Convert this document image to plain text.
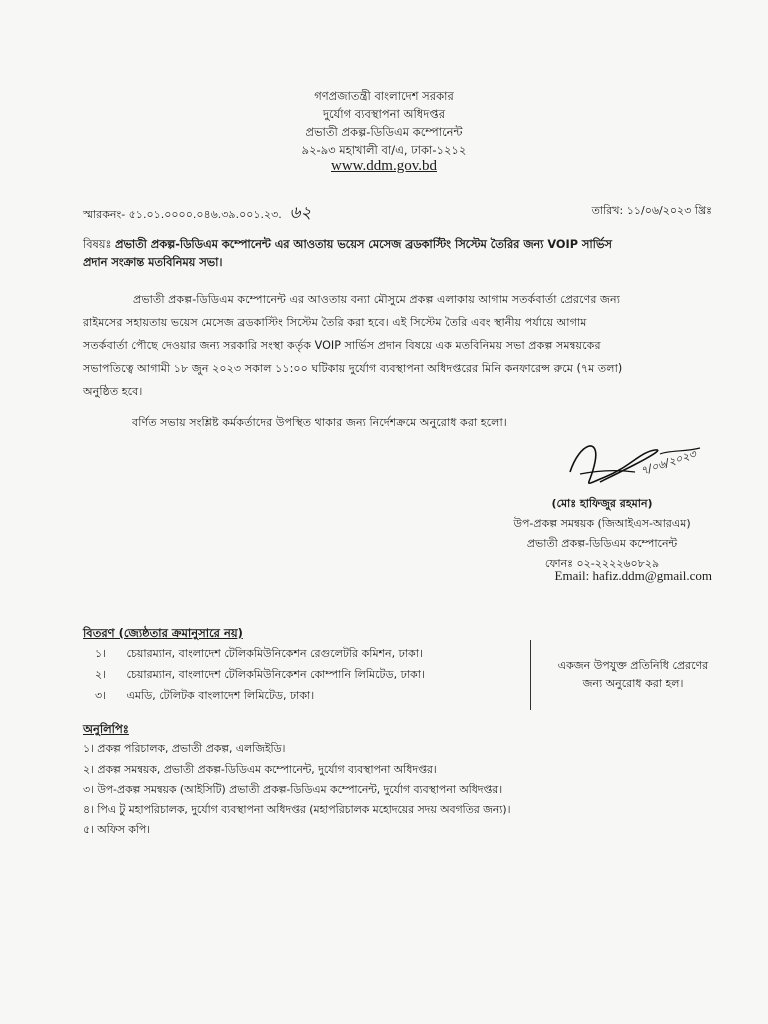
গণপ্রজাতন্ত্রী বাংলাদেশ সরকার
দুর্যোগ ব্যবস্থাপনা অধিদপ্তর
প্রভাতী প্রকল্প-ডিডিএম কম্পোনেন্ট
৯২-৯৩ মহাখালী বা/এ, ঢাকা-১২১২
www.ddm.gov.bd
স্মারকনং- ৫১.০১.০০০০.০৪৬.৩৯.০০১.২৩. ৬২	তারিখ: ১১/০৬/২০২৩ খ্রিঃ
বিষয়ঃ প্রভাতী প্রকল্প-ডিডিএম কম্পোনেন্ট এর আওতায় ভয়েস মেসেজ ব্রডকাস্টিং সিস্টেম তৈরির জন্য VOIP সার্ভিস
প্রদান সংক্রান্ত মতবিনিময় সভা।
প্রভাতী প্রকল্প-ডিডিএম কম্পোনেন্ট এর আওতায় বন্যা মৌসুমে প্রকল্প এলাকায় আগাম সতর্কবার্তা প্রেরণের জন্য
রাইমসের সহায়তায় ভয়েস মেসেজ ব্রডকাস্টিং সিস্টেম তৈরি করা হবে। এই সিস্টেম তৈরি এবং স্থানীয় পর্যায়ে আগাম
সতর্কবার্তা পৌছে দেওয়ার জন্য সরকারি সংস্থা কর্তৃক VOIP সার্ভিস প্রদান বিষয়ে এক মতবিনিময় সভা প্রকল্প সমন্বয়কের
সভাপতিত্বে আগামী ১৮ জুন ২০২৩ সকাল ১১:০০ ঘটিকায় দুর্যোগ ব্যবস্থাপনা অধিদপ্তরের মিনি কনফারেন্স রুমে (৭ম তলা)
অনুষ্ঠিত হবে।
বর্ণিত সভায় সংশ্লিষ্ট কর্মকর্তাদের উপস্থিত থাকার জন্য নির্দেশক্রমে অনুরোধ করা হলো।
৭/০৬/২০২৩
(মোঃ হাফিজুর রহমান)
উপ-প্রকল্প সমন্বয়ক (জিআইএস-আরএম)
প্রভাতী প্রকল্প-ডিডিএম কম্পোনেন্ট
ফোনঃ ০২-২২২২৬০৮২৯
Email: hafiz.ddm@gmail.com
বিতরণ (জ্যেষ্ঠতার ক্রমানুসারে নয়)
১। চেয়ারম্যান, বাংলাদেশ টেলিকমিউনিকেশন রেগুলেটরি কমিশন, ঢাকা।
২। চেয়ারম্যান, বাংলাদেশ টেলিকমিউনিকেশন কোম্পানি লিমিটেড, ঢাকা।
৩। এমডি, টেলিটক বাংলাদেশ লিমিটেড, ঢাকা।
একজন উপযুক্ত প্রতিনিধি প্রেরণের
জন্য অনুরোধ করা হল।
অনুলিপিঃ
১। প্রকল্প পরিচালক, প্রভাতী প্রকল্প, এলজিইডি।
২। প্রকল্প সমন্বয়ক, প্রভাতী প্রকল্প-ডিডিএম কম্পোনেন্ট, দুর্যোগ ব্যবস্থাপনা অধিদপ্তর।
৩। উপ-প্রকল্প সমন্বয়ক (আইসিটি) প্রভাতী প্রকল্প-ডিডিএম কম্পোনেন্ট, দুর্যোগ ব্যবস্থাপনা অধিদপ্তর।
৪। পিএ টু মহাপরিচালক, দুর্যোগ ব্যবস্থাপনা অধিদপ্তর (মহাপরিচালক মহোদয়ের সদয় অবগতির জন্য)।
৫। অফিস কপি।
